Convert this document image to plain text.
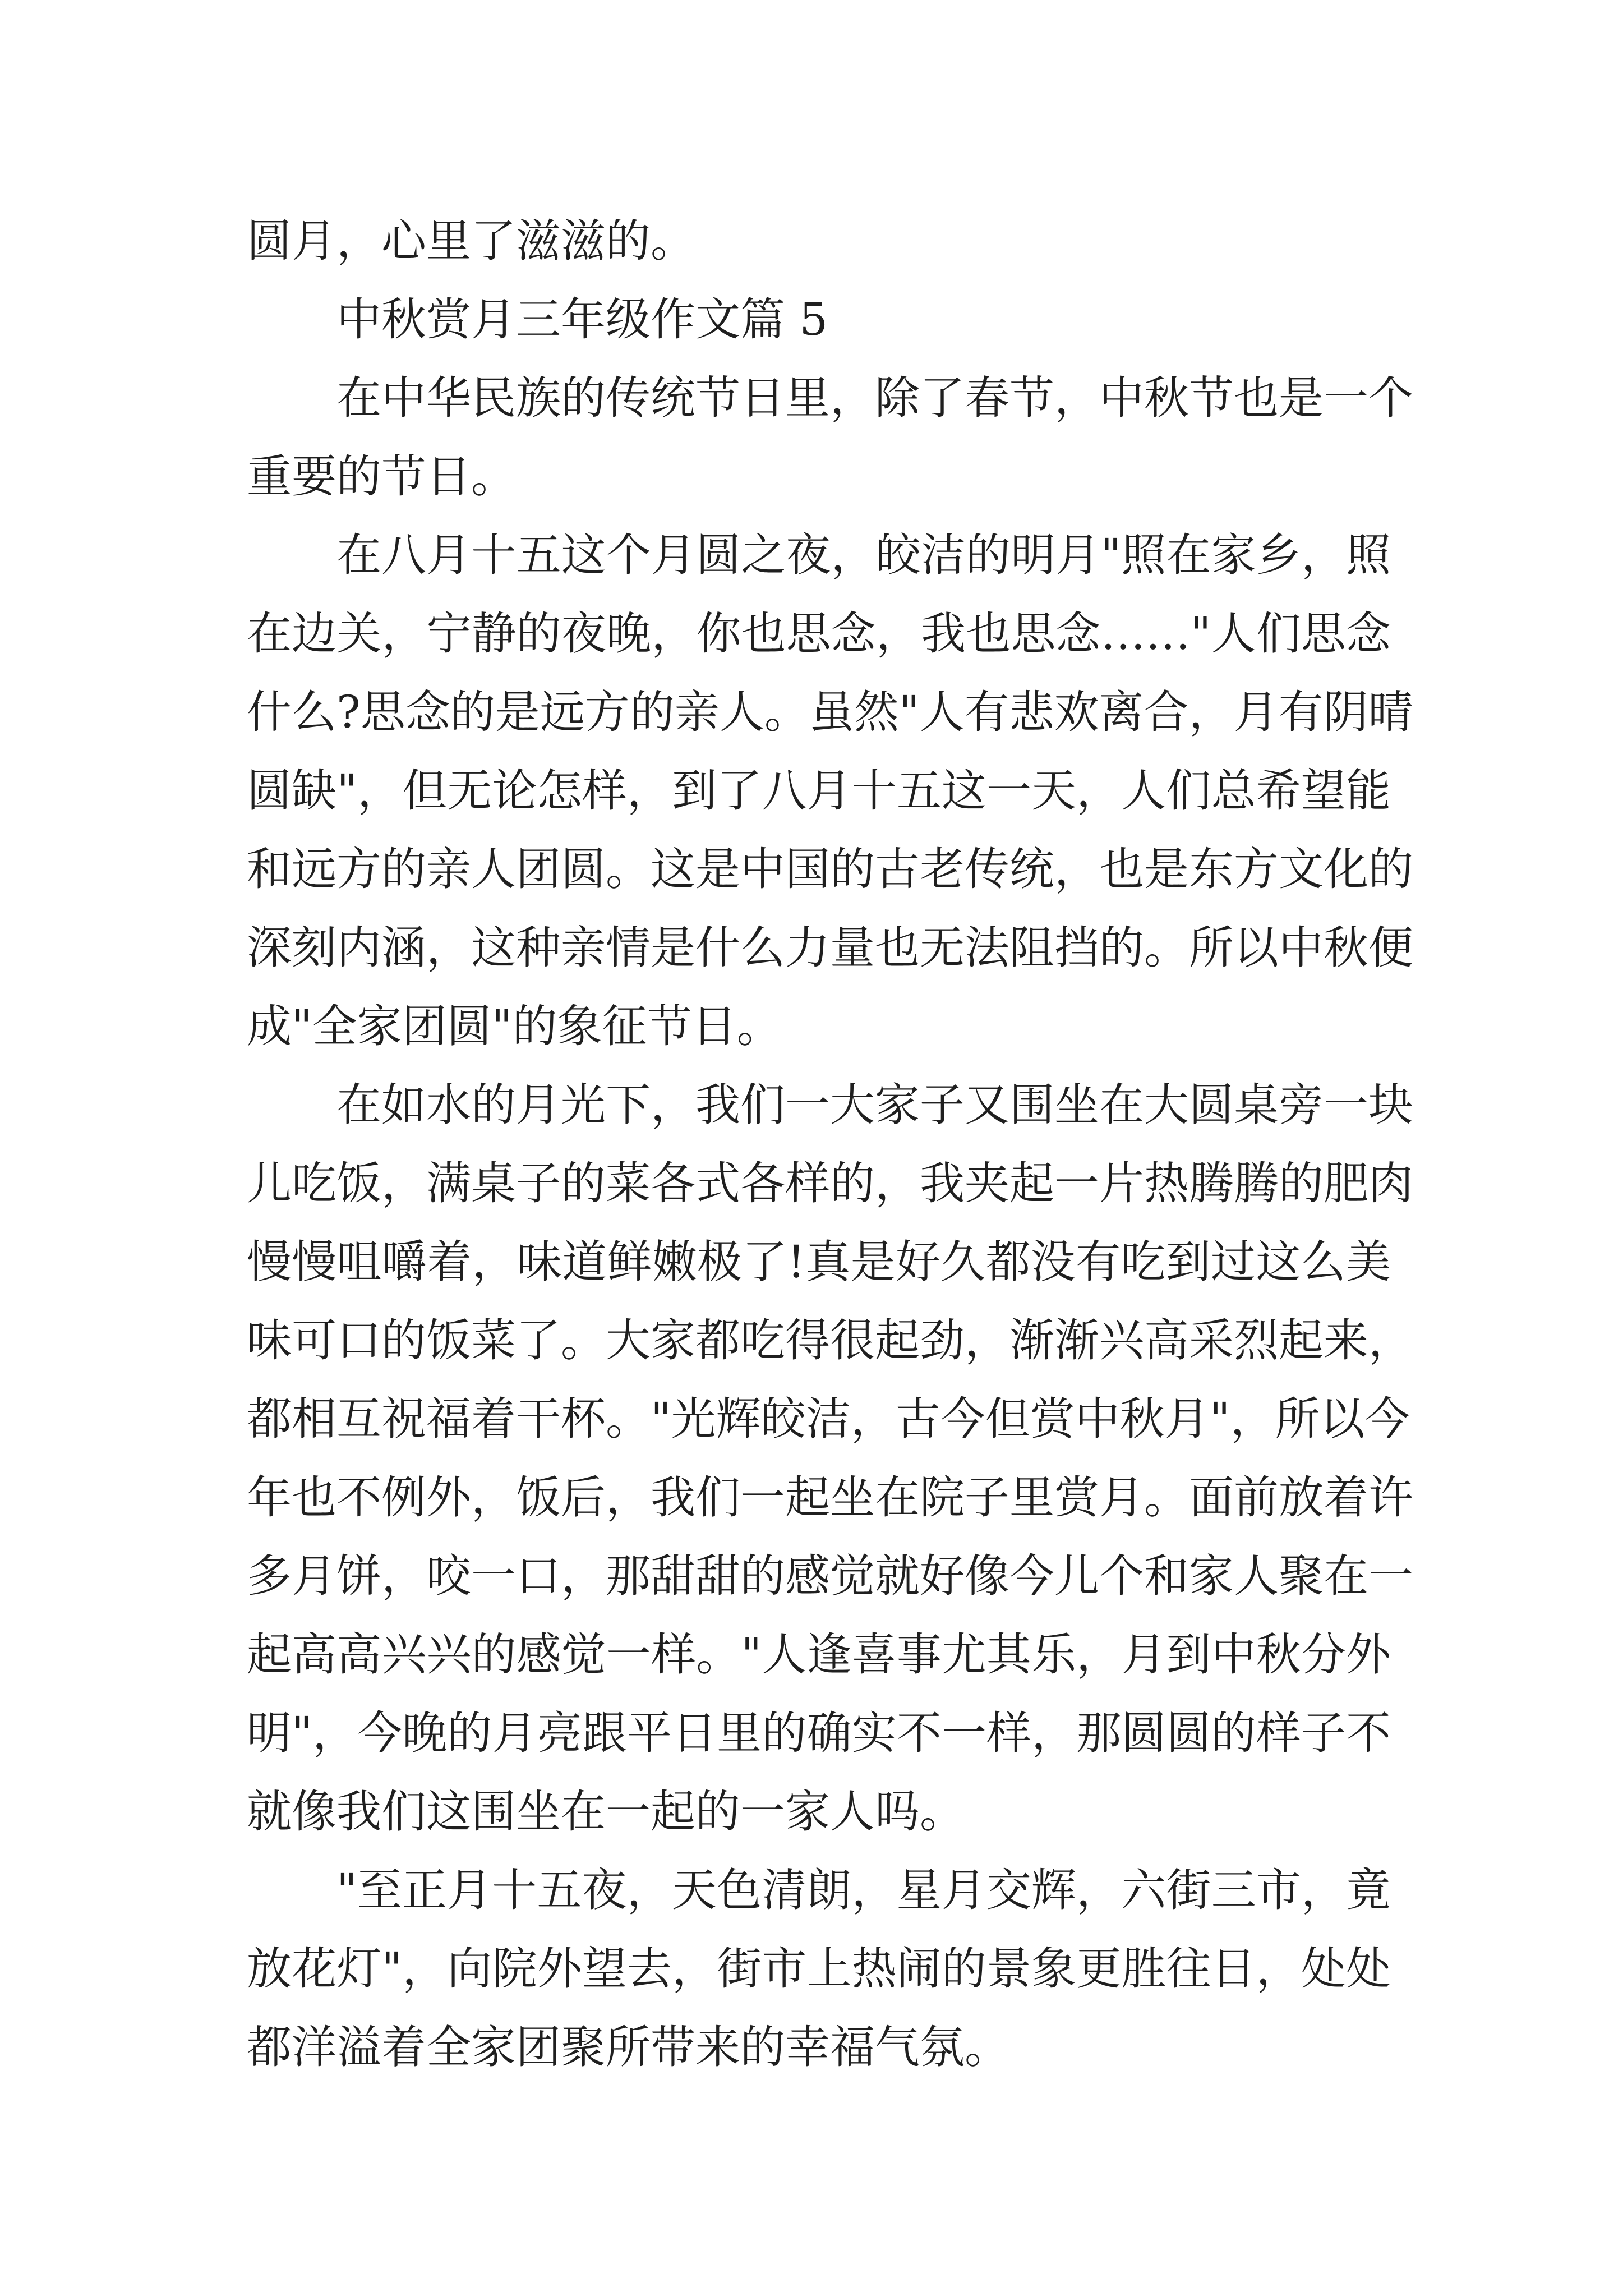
圆月，心里了滋滋的。
中秋赏月三年级作文篇 5
在中华民族的传统节日里，除了春节，中秋节也是一个
重要的节日。
在八月十五这个月圆之夜，皎洁的明月"照在家乡，照
在边关，宁静的夜晚，你也思念，我也思念……"人们思念
什么?思念的是远方的亲人。虽然"人有悲欢离合，月有阴晴
圆缺"，但无论怎样，到了八月十五这一天，人们总希望能
和远方的亲人团圆。这是中国的古老传统，也是东方文化的
深刻内涵，这种亲情是什么力量也无法阻挡的。所以中秋便
成"全家团圆"的象征节日。
在如水的月光下，我们一大家子又围坐在大圆桌旁一块
儿吃饭，满桌子的菜各式各样的，我夹起一片热腾腾的肥肉
慢慢咀嚼着，味道鲜嫩极了!真是好久都没有吃到过这么美
味可口的饭菜了。大家都吃得很起劲，渐渐兴高采烈起来，
都相互祝福着干杯。"光辉皎洁，古今但赏中秋月"，所以今
年也不例外，饭后，我们一起坐在院子里赏月。面前放着许
多月饼，咬一口，那甜甜的感觉就好像今儿个和家人聚在一
起高高兴兴的感觉一样。"人逢喜事尤其乐，月到中秋分外
明"，今晚的月亮跟平日里的确实不一样，那圆圆的样子不
就像我们这围坐在一起的一家人吗。
"至正月十五夜，天色清朗，星月交辉，六街三市，竟
放花灯"，向院外望去，街市上热闹的景象更胜往日，处处
都洋溢着全家团聚所带来的幸福气氛。
